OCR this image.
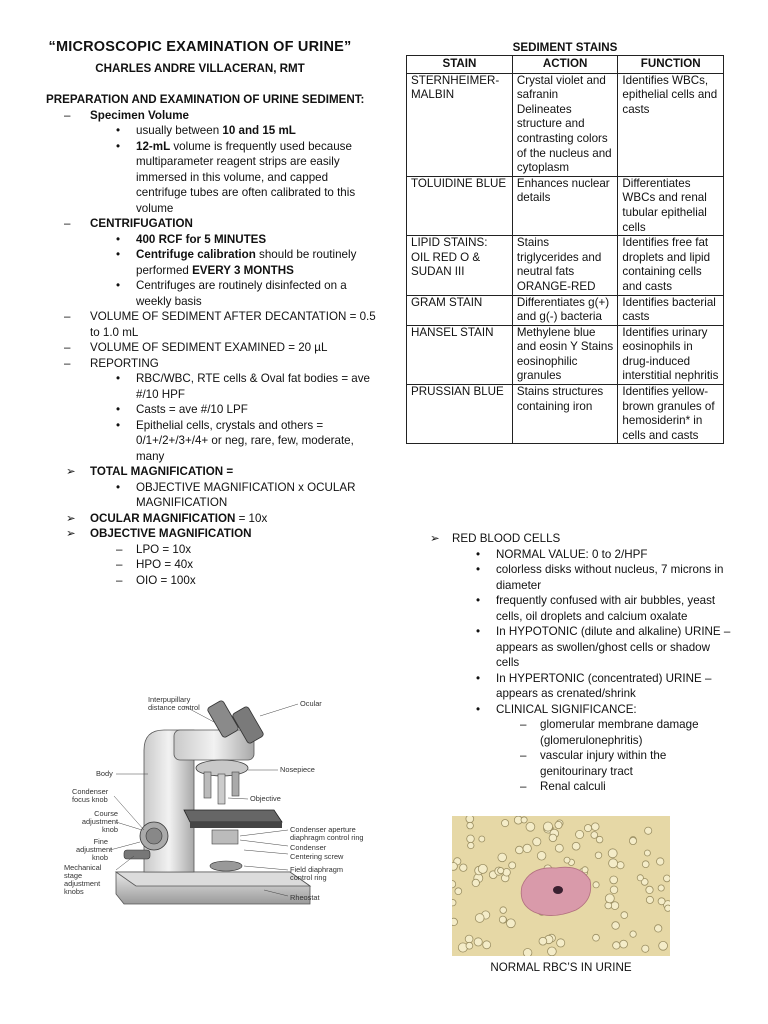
“MICROSCOPIC EXAMINATION OF URINE”
CHARLES ANDRE VILLACERAN, RMT

PREPARATION AND EXAMINATION OF URINE SEDIMENT:

– Specimen Volume
• usually between 10 and 15 mL
• 12-mL volume is frequently used because multiparameter reagent strips are easily immersed in this volume, and capped centrifuge tubes are often calibrated to this volume
– CENTRIFUGATION
• 400 RCF for 5 MINUTES
• Centrifuge calibration should be routinely performed EVERY 3 MONTHS
• Centrifuges are routinely disinfected on a weekly basis
– VOLUME OF SEDIMENT AFTER DECANTATION = 0.5 to 1.0 mL
– VOLUME OF SEDIMENT EXAMINED = 20 µL
– REPORTING
• RBC/WBC, RTE cells & Oval fat bodies = ave #/10 HPF
• Casts = ave #/10 LPF
• Epithelial cells, crystals and others = 0/1+/2+/3+/4+ or neg, rare, few, moderate, many
➢ TOTAL MAGNIFICATION =
• OBJECTIVE MAGNIFICATION x OCULAR MAGNIFICATION
➢ OCULAR MAGNIFICATION = 10x
➢ OBJECTIVE MAGNIFICATION
– LPO = 10x
– HPO = 40x
– OIO = 100x
Interpupillary distance control	Ocular
Body	Nosepiece
Condenser focus knob	Objective
Course adjustment knob
Fine adjustment knob
Mechanical stage adjustment knobs
Condenser aperture diaphragm control ring
Condenser
Centering screw
Field diaphragm control ring
Rheostat
SEDIMENT STAINS
STAIN	ACTION	FUNCTION
STERNHEIMER-MALBIN	Crystal violet and safranin Delineates structure and contrasting colors of the nucleus and cytoplasm	Identifies WBCs, epithelial cells and casts
TOLUIDINE BLUE	Enhances nuclear details	Differentiates WBCs and renal tubular epithelial cells
LIPID STAINS: OIL RED O & SUDAN III	Stains triglycerides and neutral fats ORANGE-RED	Identifies free fat droplets and lipid containing cells and casts
GRAM STAIN	Differentiates g(+) and g(-) bacteria	Identifies bacterial casts
HANSEL STAIN	Methylene blue and eosin Y Stains eosinophilic granules	Identifies urinary eosinophils in drug-induced interstitial nephritis
PRUSSIAN BLUE	Stains structures containing iron	Identifies yellow-brown granules of hemosiderin* in cells and casts
➢ RED BLOOD CELLS
• NORMAL VALUE: 0 to 2/HPF
• colorless disks without nucleus, 7 microns in diameter
• frequently confused with air bubbles, yeast cells, oil droplets and calcium oxalate
• In HYPOTONIC (dilute and alkaline) URINE – appears as swollen/ghost cells or shadow cells
• In HYPERTONIC (concentrated) URINE – appears as crenated/shrink
• CLINICAL SIGNIFICANCE:
– glomerular membrane damage (glomerulonephritis)
– vascular injury within the genitourinary tract
– Renal calculi
NORMAL RBC’S IN URINE
